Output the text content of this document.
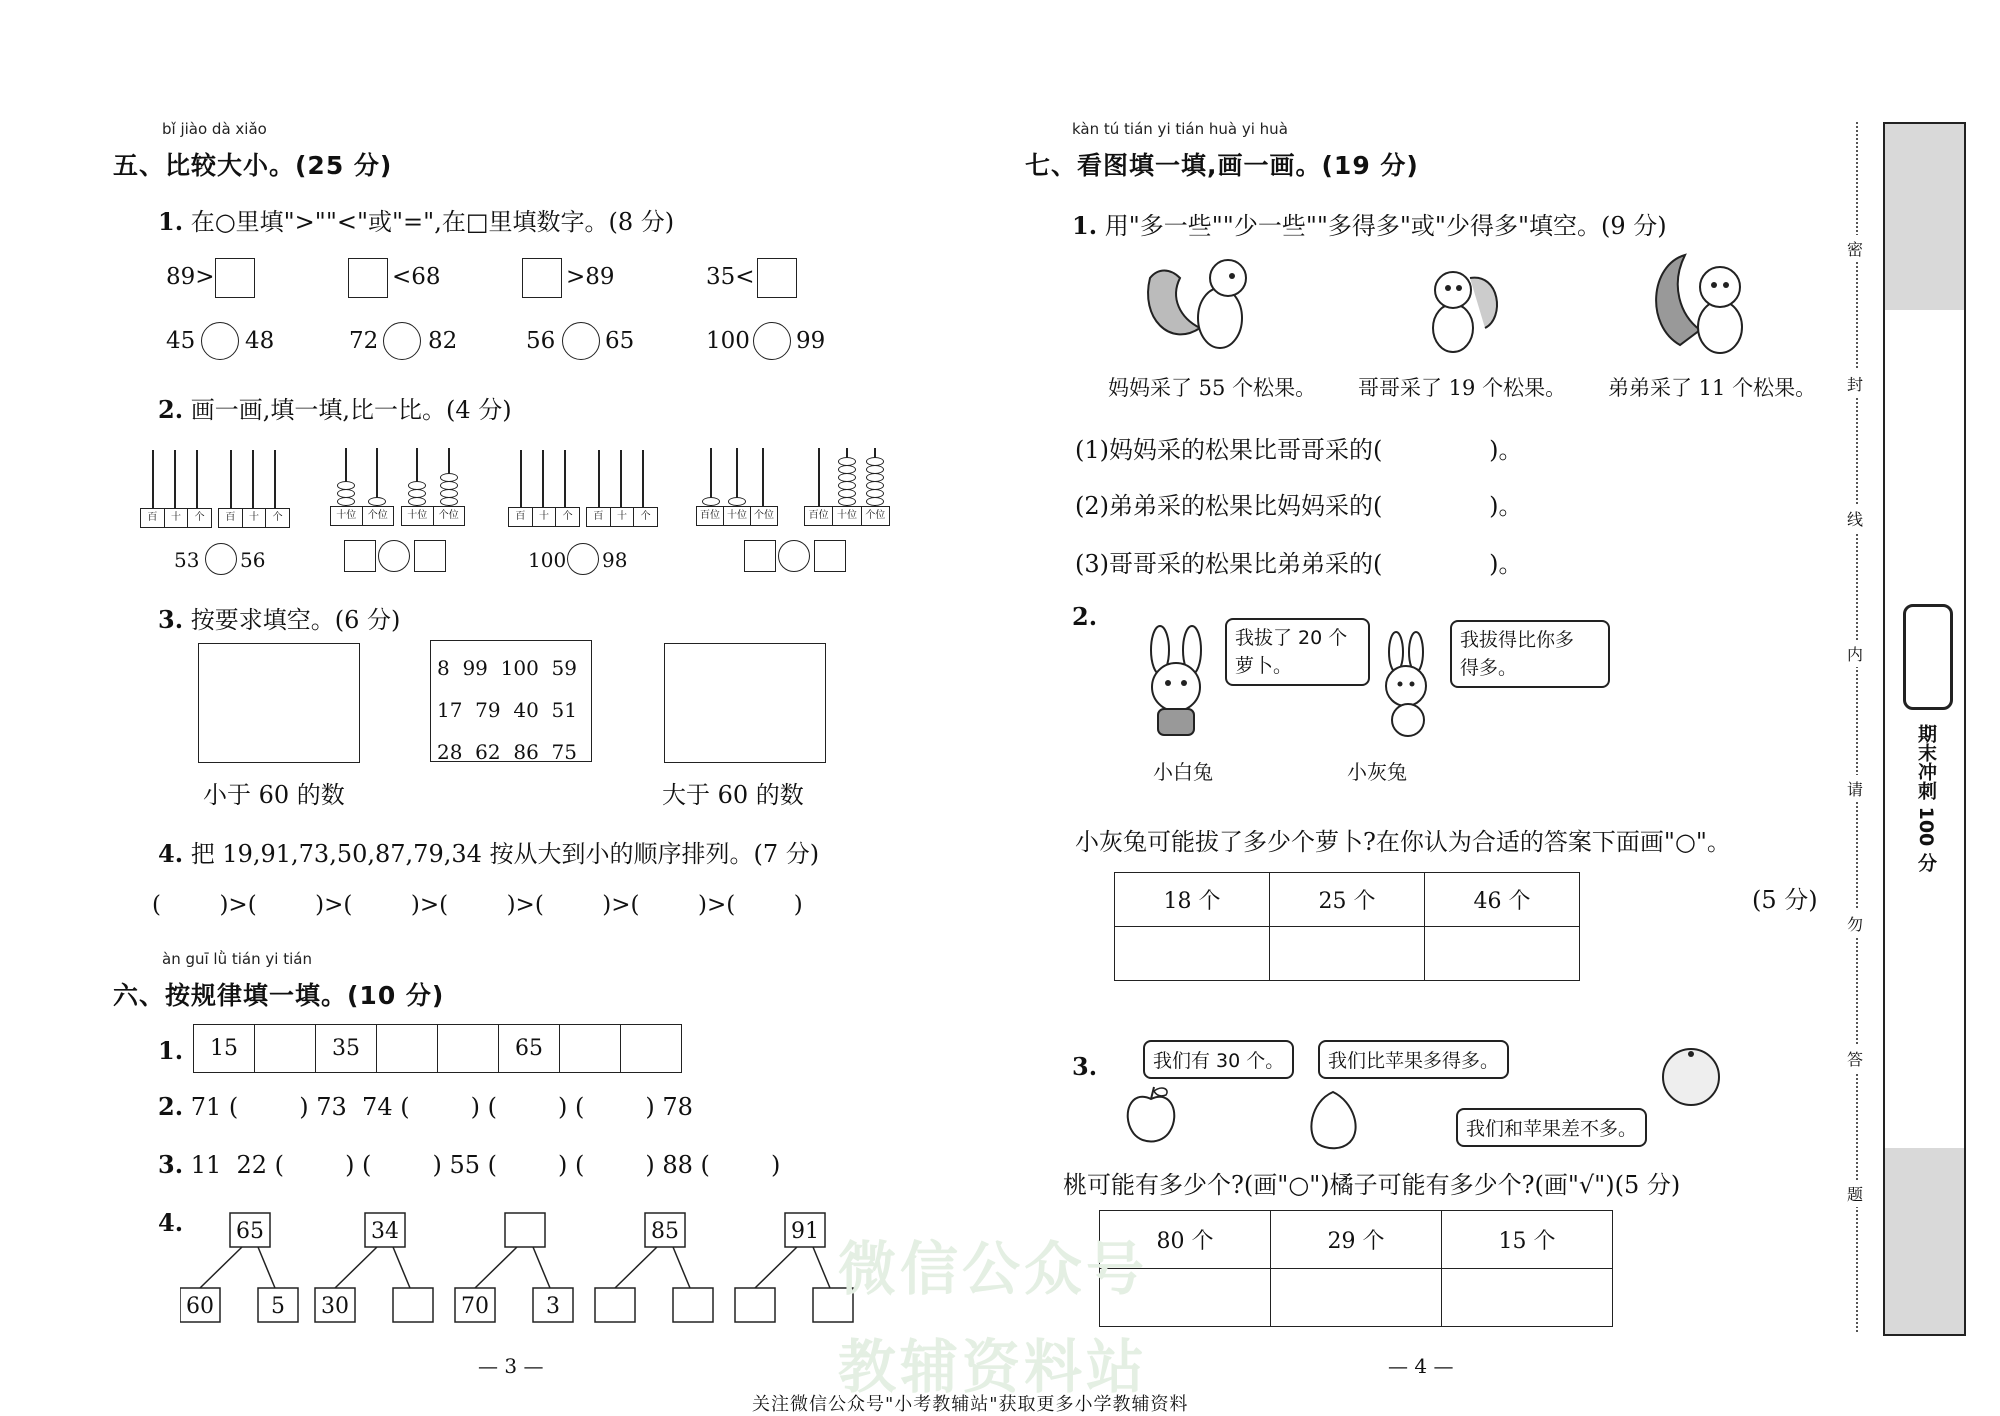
bǐ jiào dà xiǎo
五、比较大小。(25 分)
1. 在○里填">""<"或"=",在□里填数字。(8 分)
89>	<68	>89	35<
45 48	72 82	56 65	100 99
2. 画一画,填一填,比一比。(4 分)
百	十	个	百	十	个
53 56
十位	个位	十位	个位	百	十	个	百	十	个
100 98
百位 十位 个位	百位 十位 个位
3. 按要求填空。(6 分)
8 99 100 59
17 79 40 51
28 62 86 75
小于 60 的数	大于 60 的数
4. 把 19,91,73,50,87,79,34 按从大到小的顺序排列。(7 分)
(        )>(        )>(        )>(        )>(        )>(        )>(        )
àn guī lǜ tián yi tián
六、按规律填一填。(10 分)
1. 15		35			65		
2. 71 (        ) 73  74 (        ) (        ) (        ) 78
3. 11  22 (        ) (        ) 55 (        ) (        ) 88 (        )
4. 65
60	5
34
30	70	3
85	91
— 3 —
kàn tú tián yi tián huà yi huà
七、看图填一填,画一画。(19 分)
1. 用"多一些""少一些""多得多"或"少得多"填空。(9 分)
妈妈采了 55 个松果。 哥哥采了 19 个松果。 弟弟采了 11 个松果。
(1)妈妈采的松果比哥哥采的(              )。
(2)弟弟采的松果比妈妈采的(              )。
(3)哥哥采的松果比弟弟采的(              )。
2.
我拔了 20 个
萝卜。
我拔得比你多
得多。
小白兔	小灰兔
小灰兔可能拔了多少个萝卜?在你认为合适的答案下面画"○"。
(5 分)
18 个	25 个	46 个

3.	我们有 30 个。	我们比苹果多得多。
我们和苹果差不多。
桃可能有多少个?(画"○")橘子可能有多少个?(画"√")(5 分)
80 个	29 个	15 个

— 4 —
密
封
线
内
请
勿
答
题
期末冲刺 100 分
微信公众号
教辅资料站
关注微信公众号"小考教辅站"获取更多小学教辅资料
